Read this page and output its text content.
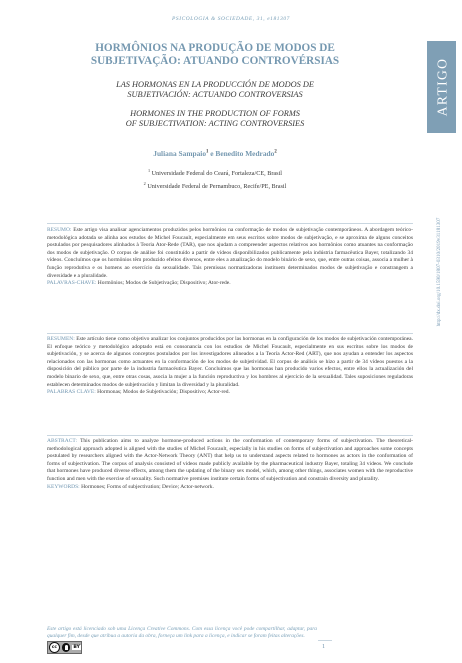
PSICOLOGIA & SOCIEDADE, 31, e181307
ARTIGO
http://dx.doi.org/10.1590/1807-0310/2019v31181307
HORMÔNIOS NA PRODUÇÃO DE MODOS DE
SUBJETIVAÇÃO: ATUANDO CONTROVÉRSIAS
LAS HORMONAS EN LA PRODUCCIÓN DE MODOS DE
SUBJETIVACIÓN: ACTUANDO CONTROVERSIAS
HORMONES IN THE PRODUCTION OF FORMS
OF SUBJECTIVATION: ACTING CONTROVERSIES
Juliana Sampaio$^1$ e Benedito Medrado$^2$
$^1$ Universidade Federal do Ceará, Fortaleza/CE, Brasil
$^2$ Universidade Federal de Pernambuco, Recife/PE, Brasil
RESUMO: Este artigo visa analisar agenciamentos produzidos pelos hormônios na conformação de modos de subjetivação contemporâneos. A abordagem teórico-metodológica adotada se alinha aos estudos de Michel Foucault, especialmente em seus escritos sobre modos de subjetivação, e se aproxima de alguns conceitos postulados por pesquisadores alinhados à Teoria Ator-Rede (TAR), que nos ajudam a compreender aspectos relativos aos hormônios como atuantes na conformação dos modos de subjetivação. O corpus de análise foi constituído a partir de vídeos disponibilizados publicamente pela indústria farmacêutica Bayer, totalizando 34 vídeos. Concluímos que os hormônios têm produzido efeitos diversos, entre eles a atualização do modelo binário de sexo, que, entre outras coisas, associa a mulher à função reprodutiva e os homens ao exercício da sexualidade. Tais premissas normatizadoras instituem determinados modos de subjetivação e constrangem a diversidade e a pluralidade.
PALAVRAS-CHAVE: Hormônios; Modos de Subjetivação; Dispositivo; Ator-rede.
RESUMEN: Este artículo tiene como objetivo analizar los conjuntos producidos por las hormonas en la configuración de los modos de subjetivación contemporánea. El enfoque teórico y metodológico adoptado está en consonancia con los estudios de Michel Foucault, especialmente en sus escritos sobre los modos de subjetivación, y se acerca de algunos conceptos postulados por los investigadores alineados a la Teoría Actor-Red (ART), que nos ayudan a entender los aspectos relacionados con las hormonas como actuantes en la conformación de los modos de subjetividad. El corpus de análisis se hizo a partir de 34 vídeos puestos a la disposición del público por parte de la industria farmacéutica Bayer. Concluimos que las hormonas han producido varios efectos, entre ellos la actualización del modelo binario de sexo, que, entre otras cosas, asocia la mujer a la función reproductiva y los hombres al ejercicio de la sexualidad. Tales suposiciones reguladoras establecen determinados modos de subjetivación y limitan la diversidad y la pluralidad.
PALABRAS CLAVE: Hormonas; Modos de Subjetivación; Dispositivo; Actor-red.
ABSTRACT: This publication aims to analyze hormone-produced actions in the conformation of contemporary forms of subjectivation. The theoretical-methodological approach adopted is aligned with the studies of Michel Foucault, especially in his studies on forms of subjectivation and approaches some concepts postulated by researchers aligned with the Actor-Network Theory (ANT) that help us to understand aspects related to hormones as actors in the conformation of forms of subjectivation. The corpus of analysis consisted of videos made publicly available by the pharmaceutical industry Bayer, totaling 34 videos. We conclude that hormones have produced diverse effects, among them the updating of the binary sex model, which, among other things, associates women with the reproductive function and men with the exercise of sexuality. Such normative premises institute certain forms of subjectivation and constrain diversity and plurality.
KEYWORDS: Hormones; Forms of subjectivation; Device; Actor-network.
Este artigo está licenciado sob uma Licença Creative Commons. Com essa licença você pode compartilhar, adaptar, para qualquer fim, desde que atribua a autoria da obra, forneça um link para a licença, e indicar se foram feitas alterações.
cc	BY	1
